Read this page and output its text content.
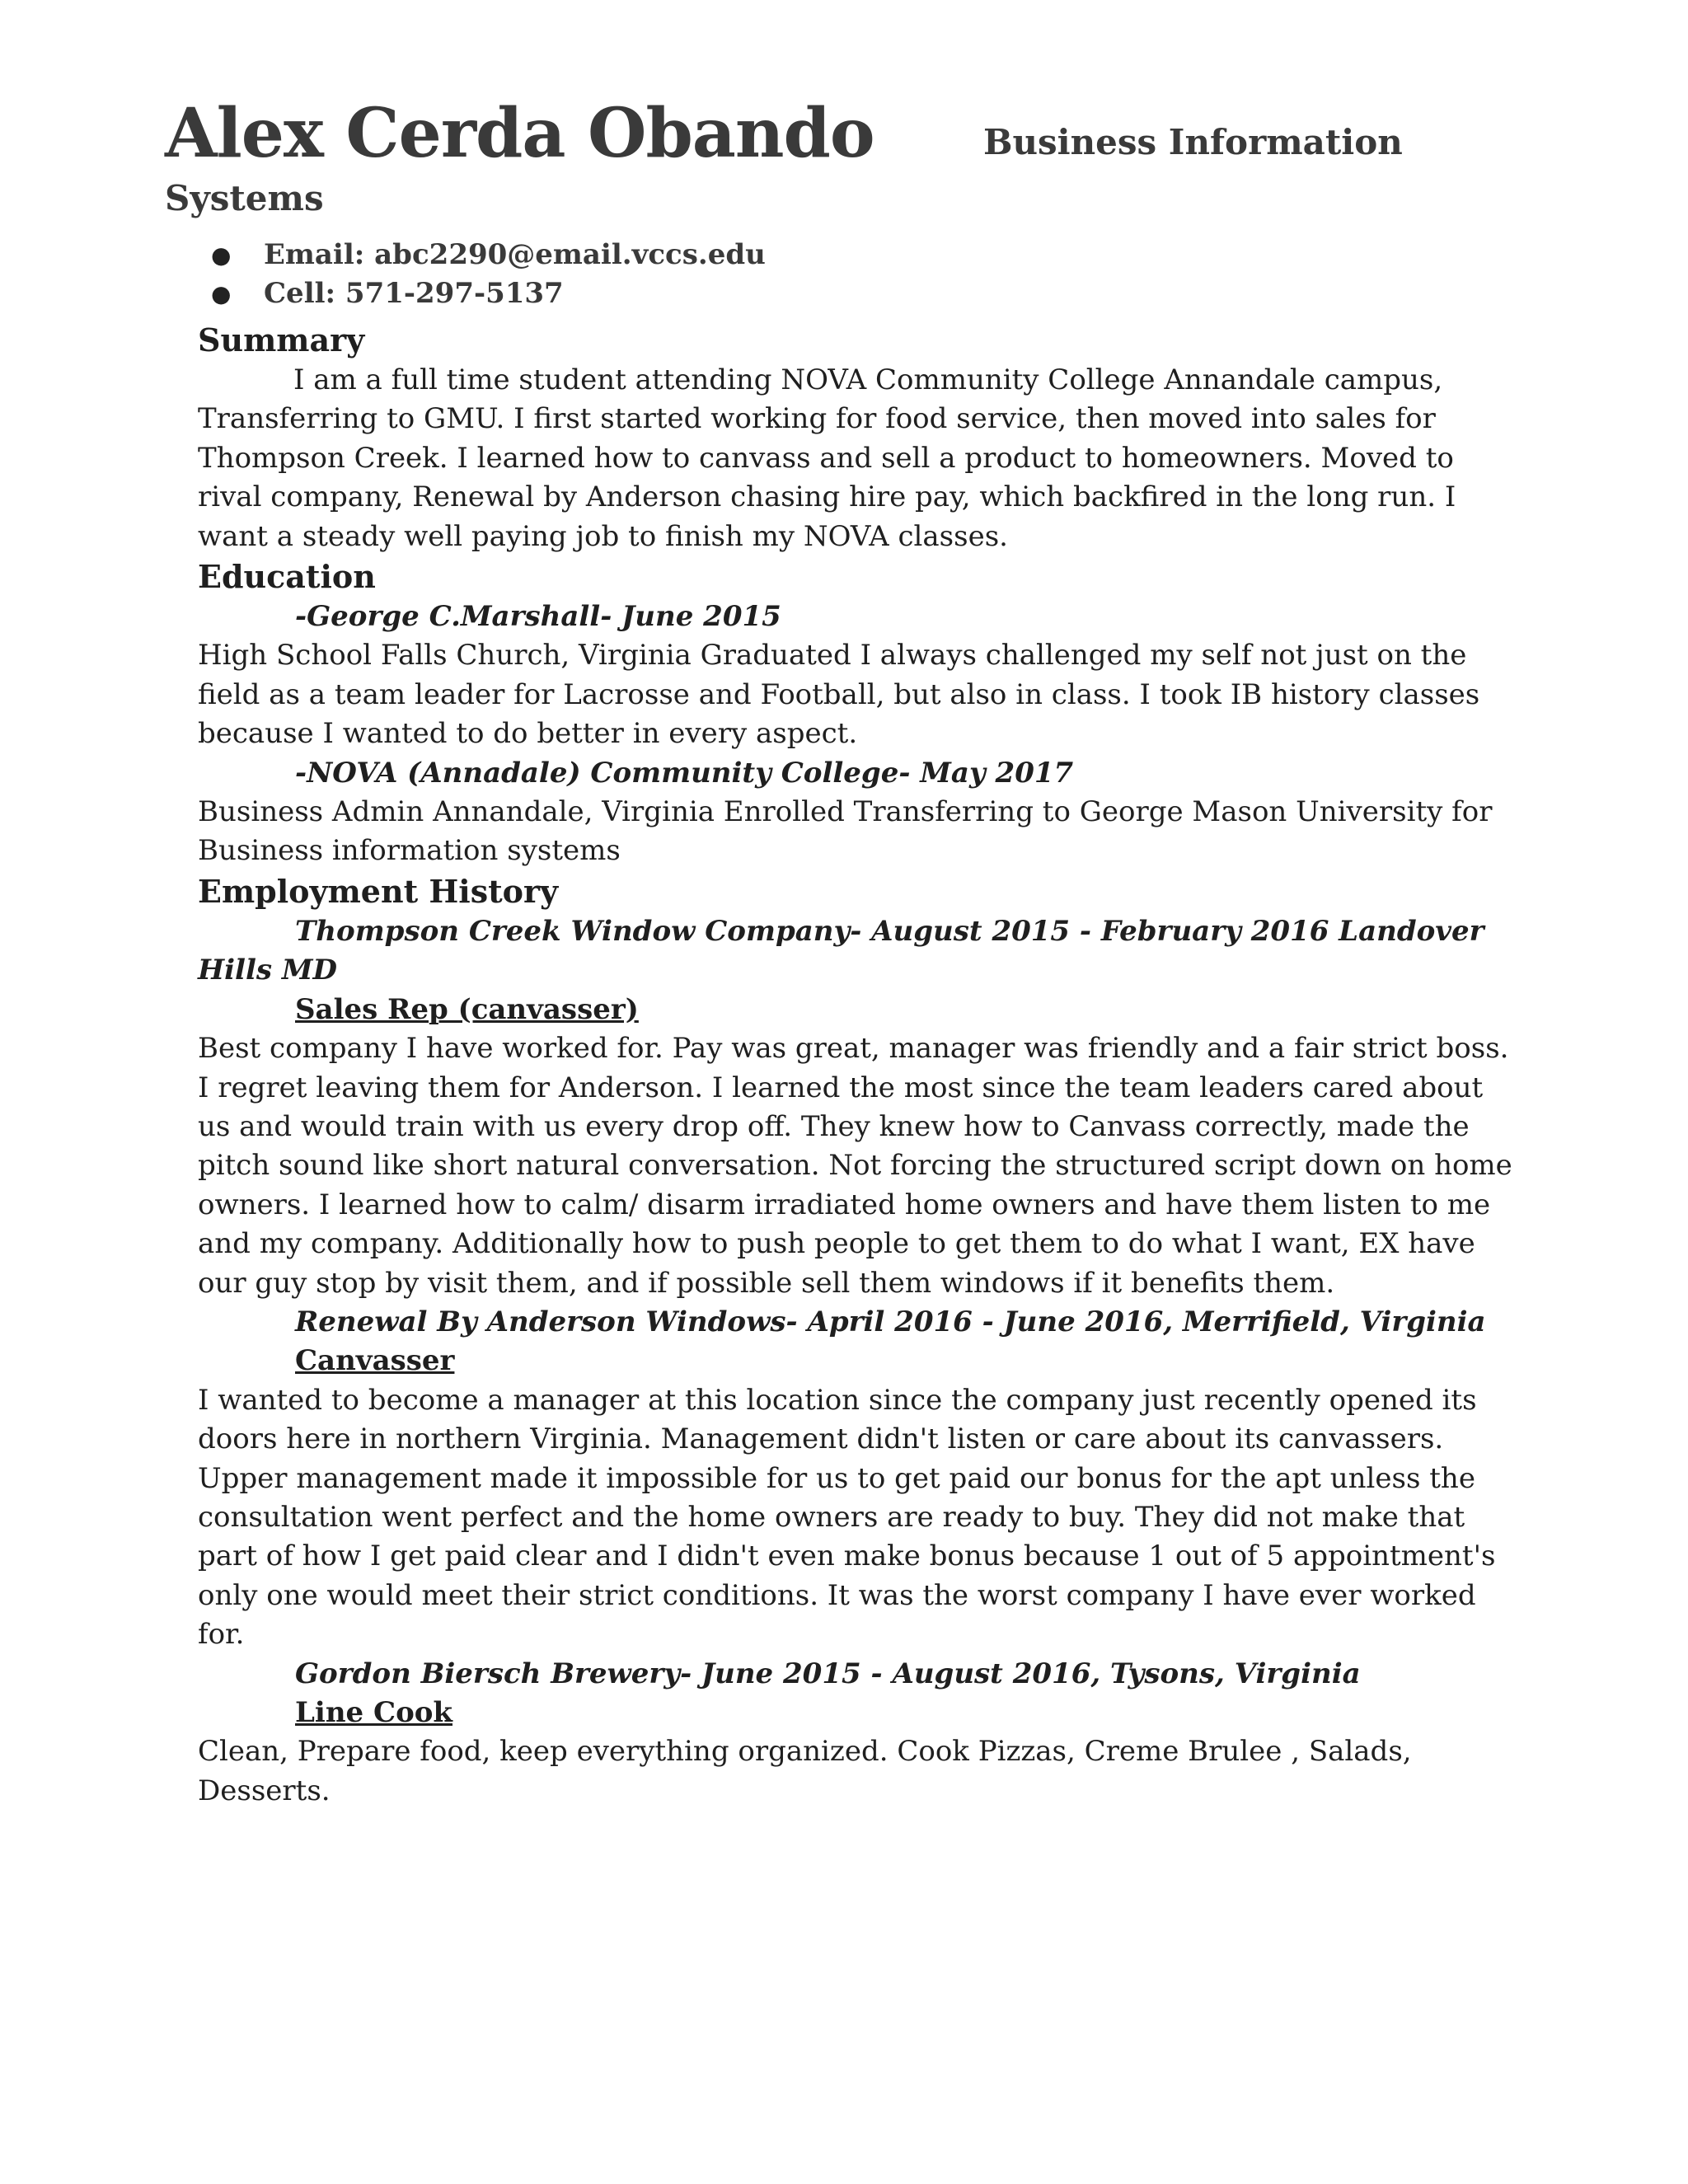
Alex Cerda Obando	Business Information
Systems
● Email: abc2290@email.vccs.edu
● Cell: 571-297-5137
Summary

I am a full time student attending NOVA Community College Annandale campus, Transferring to GMU. I first started working for food service, then moved into sales for Thompson Creek. I learned how to canvass and sell a product to homeowners. Moved to rival company, Renewal by Anderson chasing hire pay, which backfired in the long run. I want a steady well paying job to finish my NOVA classes.

Education
-George C.Marshall- June 2015

High School Falls Church, Virginia Graduated I always challenged my self not just on the field as a team leader for Lacrosse and Football, but also in class. I took IB history classes because I wanted to do better in every aspect.

-NOVA (Annadale) Community College- May 2017

Business Admin Annandale, Virginia Enrolled Transferring to George Mason University for Business information systems

Employment History
Thompson Creek Window Company- August 2015 - February 2016 Landover Hills MD
Sales Rep (canvasser)

Best company I have worked for. Pay was great, manager was friendly and a fair strict boss. I regret leaving them for Anderson. I learned the most since the team leaders cared about us and would train with us every drop off. They knew how to Canvass correctly, made the pitch sound like short natural conversation. Not forcing the structured script down on home owners. I learned how to calm/ disarm irradiated home owners and have them listen to me and my company. Additionally how to push people to get them to do what I want, EX have our guy stop by visit them, and if possible sell them windows if it benefits them.

Renewal By Anderson Windows- April 2016 - June 2016, Merrifield, Virginia
Canvasser

I wanted to become a manager at this location since the company just recently opened its doors here in northern Virginia. Management didn't listen or care about its canvassers. Upper management made it impossible for us to get paid our bonus for the apt unless the consultation went perfect and the home owners are ready to buy. They did not make that part of how I get paid clear and I didn't even make bonus because 1 out of 5 appointment's only one would meet their strict conditions. It was the worst company I have ever worked for.

Gordon Biersch Brewery- June 2015 - August 2016, Tysons, Virginia
Line Cook

Clean, Prepare food, keep everything organized. Cook Pizzas, Creme Brulee , Salads, Desserts.
